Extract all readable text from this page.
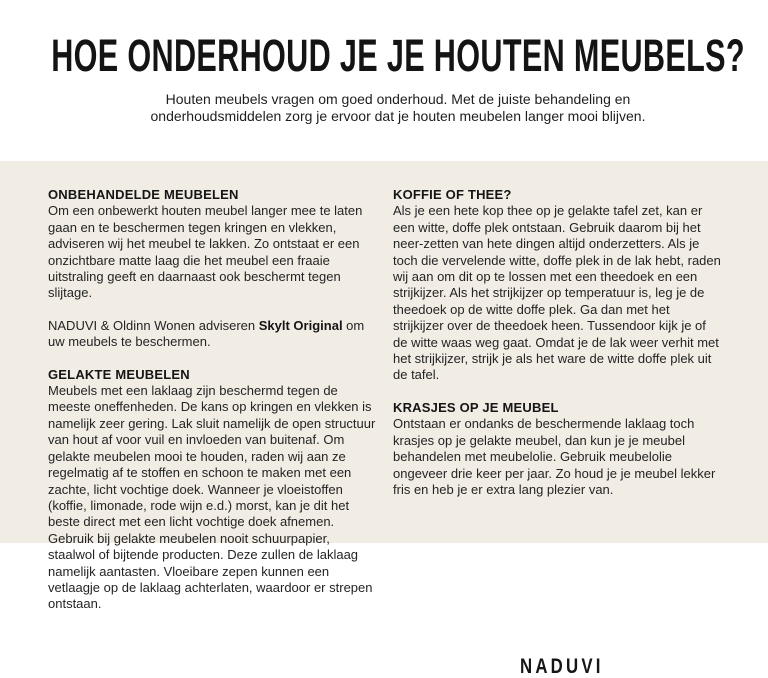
HOE ONDERHOUD JE JE HOUTEN MEUBELS?
Houten meubels vragen om goed onderhoud. Met de juiste behandeling en
onderhoudsmiddelen zorg je ervoor dat je houten meubelen langer mooi blijven.
ONBEHANDELDE MEUBELEN

Om een onbewerkt houten meubel langer mee te laten gaan en te beschermen tegen kringen en vlekken, adviseren wij het meubel te lakken. Zo ontstaat er een onzichtbare matte laag die het meubel een fraaie uitstraling geeft en daarnaast ook beschermt tegen slijtage.

NADUVI & Oldinn Wonen adviseren Skylt Original om uw meubels te beschermen.

GELAKTE MEUBELEN

Meubels met een laklaag zijn beschermd tegen de meeste oneffenheden. De kans op kringen en vlekken is namelijk zeer gering. Lak sluit namelijk de open structuur van hout af voor vuil en invloeden van buitenaf. Om gelakte meubelen mooi te houden, raden wij aan ze regelmatig af te stoffen en schoon te maken met een zachte, licht vochtige doek. Wanneer je vloeistoffen (koffie, limonade, rode wijn e.d.) morst, kan je dit het beste direct met een licht vochtige doek afnemen. Gebruik bij gelakte meubelen nooit schuurpapier, staalwol of bijtende producten. Deze zullen de laklaag namelijk aantasten. Vloeibare zepen kunnen een vetlaagje op de laklaag achterlaten, waardoor er strepen ontstaan.

KOFFIE OF THEE?

Als je een hete kop thee op je gelakte tafel zet, kan er een witte, doffe plek ontstaan. Gebruik daarom bij het neer-zetten van hete dingen altijd onderzetters. Als je toch die vervelende witte, doffe plek in de lak hebt, raden wij aan om dit op te lossen met een theedoek en een strijkijzer. Als het strijkijzer op temperatuur is, leg je de theedoek op de witte doffe plek. Ga dan met het strijkijzer over de theedoek heen. Tussendoor kijk je of de witte waas weg gaat. Omdat je de lak weer verhit met het strijkijzer, strijk je als het ware de witte doffe plek uit de tafel.

KRASJES OP JE MEUBEL

Ontstaan er ondanks de beschermende laklaag toch krasjes op je gelakte meubel, dan kun je je meubel behandelen met meubelolie. Gebruik meubelolie ongeveer drie keer per jaar. Zo houd je je meubel lekker fris en heb je er extra lang plezier van.

NADUVI
